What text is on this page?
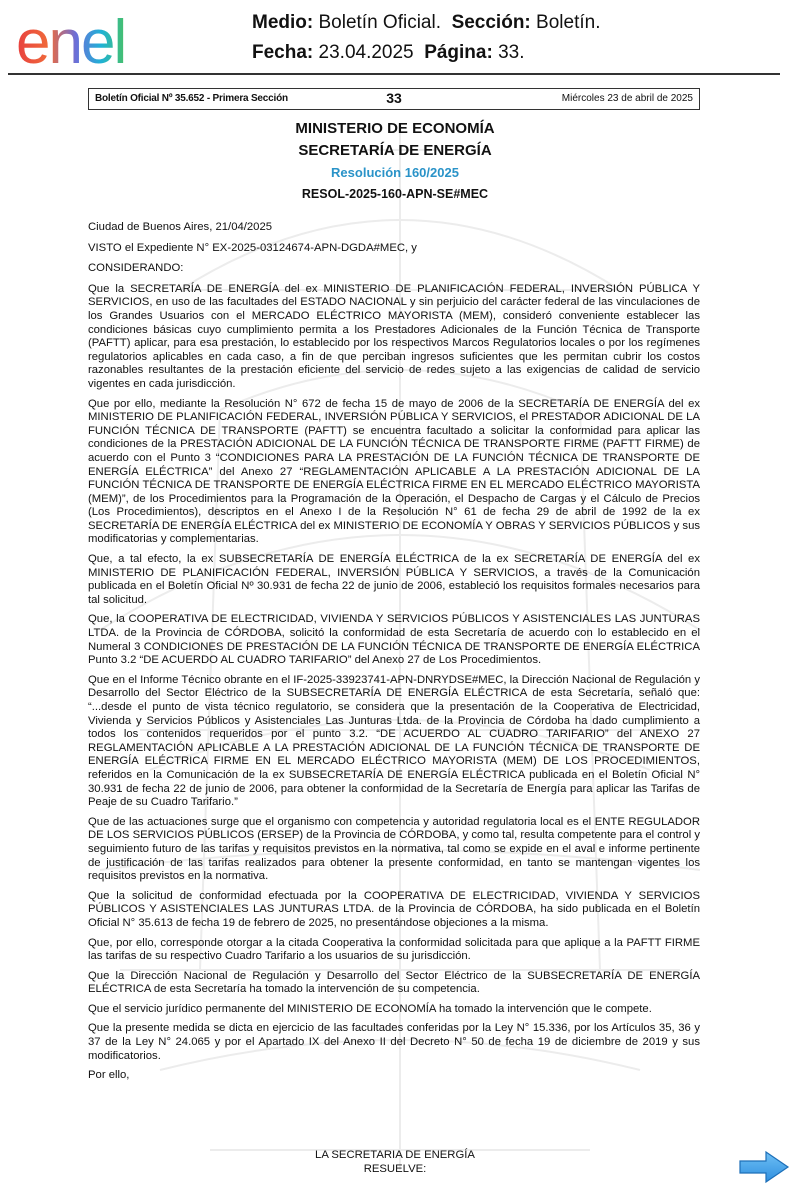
enel	Medio: Boletín Oficial. Sección: Boletín.
Fecha: 23.04.2025 Página: 33.
Boletín Oficial Nº 35.652 - Primera Sección	33	Miércoles 23 de abril de 2025
MINISTERIO DE ECONOMÍA
SECRETARÍA DE ENERGÍA
Resolución 160/2025
RESOL-2025-160-APN-SE#MEC

Ciudad de Buenos Aires, 21/04/2025

VISTO el Expediente N° EX-2025-03124674-APN-DGDA#MEC, y

CONSIDERANDO:

Que la SECRETARÍA DE ENERGÍA del ex MINISTERIO DE PLANIFICACIÓN FEDERAL, INVERSIÓN PÚBLICA Y SERVICIOS, en uso de las facultades del ESTADO NACIONAL y sin perjuicio del carácter federal de las vinculaciones de los Grandes Usuarios con el MERCADO ELÉCTRICO MAYORISTA (MEM), consideró conveniente establecer las condiciones básicas cuyo cumplimiento permita a los Prestadores Adicionales de la Función Técnica de Transporte (PAFTT) aplicar, para esa prestación, lo establecido por los respectivos Marcos Regulatorios locales o por los regímenes regulatorios aplicables en cada caso, a fin de que perciban ingresos suficientes que les permitan cubrir los costos razonables resultantes de la prestación eficiente del servicio de redes sujeto a las exigencias de calidad de servicio vigentes en cada jurisdicción.

Que por ello, mediante la Resolución N° 672 de fecha 15 de mayo de 2006 de la SECRETARÍA DE ENERGÍA del ex MINISTERIO DE PLANIFICACIÓN FEDERAL, INVERSIÓN PÚBLICA Y SERVICIOS, el PRESTADOR ADICIONAL DE LA FUNCIÓN TÉCNICA DE TRANSPORTE (PAFTT) se encuentra facultado a solicitar la conformidad para aplicar las condiciones de la PRESTACIÓN ADICIONAL DE LA FUNCIÓN TÉCNICA DE TRANSPORTE FIRME (PAFTT FIRME) de acuerdo con el Punto 3 “CONDICIONES PARA LA PRESTACIÓN DE LA FUNCIÓN TÉCNICA DE TRANSPORTE DE ENERGÍA ELÉCTRICA” del Anexo 27 “REGLAMENTACIÓN APLICABLE A LA PRESTACIÓN ADICIONAL DE LA FUNCIÓN TÉCNICA DE TRANSPORTE DE ENERGÍA ELÉCTRICA FIRME EN EL MERCADO ELÉCTRICO MAYORISTA (MEM)”, de los Procedimientos para la Programación de la Operación, el Despacho de Cargas y el Cálculo de Precios (Los Procedimientos), descriptos en el Anexo I de la Resolución N° 61 de fecha 29 de abril de 1992 de la ex SECRETARÍA DE ENERGÍA ELÉCTRICA del ex MINISTERIO DE ECONOMÍA Y OBRAS Y SERVICIOS PÚBLICOS y sus modificatorias y complementarias.

Que, a tal efecto, la ex SUBSECRETARÍA DE ENERGÍA ELÉCTRICA de la ex SECRETARÍA DE ENERGÍA del ex MINISTERIO DE PLANIFICACIÓN FEDERAL, INVERSIÓN PÚBLICA Y SERVICIOS, a través de la Comunicación publicada en el Boletín Oficial Nº 30.931 de fecha 22 de junio de 2006, estableció los requisitos formales necesarios para tal solicitud.

Que, la COOPERATIVA DE ELECTRICIDAD, VIVIENDA Y SERVICIOS PÚBLICOS Y ASISTENCIALES LAS JUNTURAS LTDA. de la Provincia de CÓRDOBA, solicitó la conformidad de esta Secretaría de acuerdo con lo establecido en el Numeral 3 CONDICIONES DE PRESTACIÓN DE LA FUNCIÓN TÉCNICA DE TRANSPORTE DE ENERGÍA ELÉCTRICA Punto 3.2 “DE ACUERDO AL CUADRO TARIFARIO” del Anexo 27 de Los Procedimientos.

Que en el Informe Técnico obrante en el IF-2025-33923741-APN-DNRYDSE#MEC, la Dirección Nacional de Regulación y Desarrollo del Sector Eléctrico de la SUBSECRETARÍA DE ENERGÍA ELÉCTRICA de esta Secretaría, señaló que: “...desde el punto de vista técnico regulatorio, se considera que la presentación de la Cooperativa de Electricidad, Vivienda y Servicios Públicos y Asistenciales Las Junturas Ltda. de la Provincia de Córdoba ha dado cumplimiento a todos los contenidos requeridos por el punto 3.2. “DE ACUERDO AL CUADRO TARIFARIO” del ANEXO 27 REGLAMENTACIÓN APLICABLE A LA PRESTACIÓN ADICIONAL DE LA FUNCIÓN TÉCNICA DE TRANSPORTE DE ENERGÍA ELÉCTRICA FIRME EN EL MERCADO ELÉCTRICO MAYORISTA (MEM) DE LOS PROCEDIMIENTOS, referidos en la Comunicación de la ex SUBSECRETARÍA DE ENERGÍA ELÉCTRICA publicada en el Boletín Oficial N° 30.931 de fecha 22 de junio de 2006, para obtener la conformidad de la Secretaría de Energía para aplicar las Tarifas de Peaje de su Cuadro Tarifario.”

Que de las actuaciones surge que el organismo con competencia y autoridad regulatoria local es el ENTE REGULADOR DE LOS SERVICIOS PÚBLICOS (ERSEP) de la Provincia de CÓRDOBA, y como tal, resulta competente para el control y seguimiento futuro de las tarifas y requisitos previstos en la normativa, tal como se expide en el aval e informe pertinente de justificación de las tarifas realizados para obtener la presente conformidad, en tanto se mantengan vigentes los requisitos previstos en la normativa.

Que la solicitud de conformidad efectuada por la COOPERATIVA DE ELECTRICIDAD, VIVIENDA Y SERVICIOS PÚBLICOS Y ASISTENCIALES LAS JUNTURAS LTDA. de la Provincia de CÓRDOBA, ha sido publicada en el Boletín Oficial N° 35.613 de fecha 19 de febrero de 2025, no presentándose objeciones a la misma.

Que, por ello, corresponde otorgar a la citada Cooperativa la conformidad solicitada para que aplique a la PAFTT FIRME las tarifas de su respectivo Cuadro Tarifario a los usuarios de su jurisdicción.

Que la Dirección Nacional de Regulación y Desarrollo del Sector Eléctrico de la SUBSECRETARÍA DE ENERGÍA ELÉCTRICA de esta Secretaría ha tomado la intervención de su competencia.

Que el servicio jurídico permanente del MINISTERIO DE ECONOMÍA ha tomado la intervención que le compete.

Que la presente medida se dicta en ejercicio de las facultades conferidas por la Ley N° 15.336, por los Artículos 35, 36 y 37 de la Ley N° 24.065 y por el Apartado IX del Anexo II del Decreto N° 50 de fecha 19 de diciembre de 2019 y sus modificatorios.

Por ello,

LA SECRETARIA DE ENERGÍA
RESUELVE:
